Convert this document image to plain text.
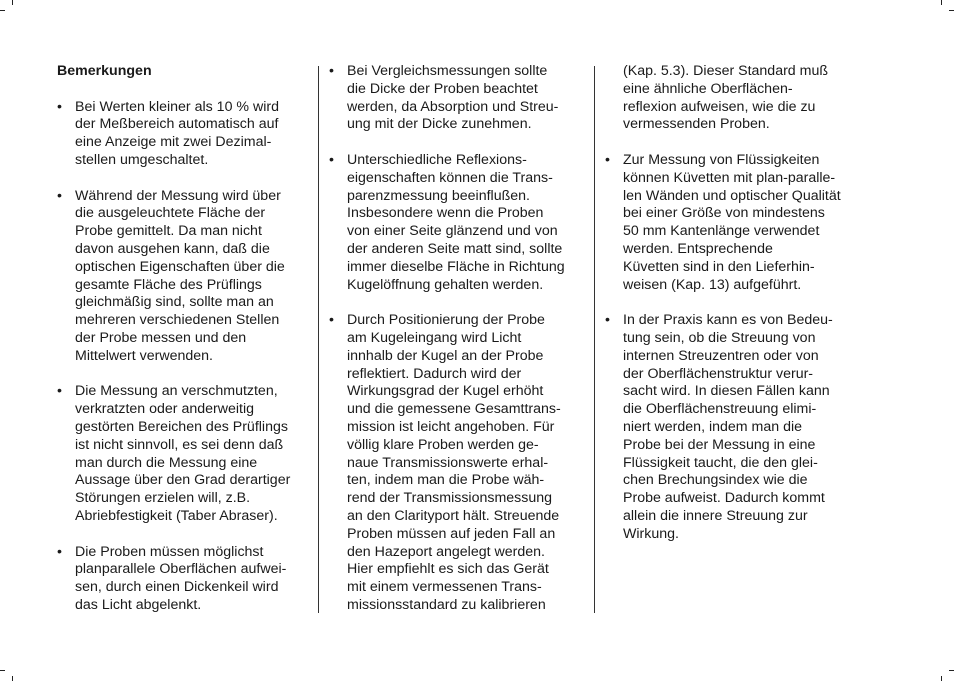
Bemerkungen
• Bei Werten kleiner als 10 % wird
der Meßbereich automatisch auf
eine Anzeige mit zwei Dezimal-
stellen umgeschaltet.
• Während der Messung wird über
die ausgeleuchtete Fläche der
Probe gemittelt. Da man nicht
davon ausgehen kann, daß die
optischen Eigenschaften über die
gesamte Fläche des Prüflings
gleichmäßig sind, sollte man an
mehreren verschiedenen Stellen
der Probe messen und den
Mittelwert verwenden.
• Die Messung an verschmutzten,
verkratzten oder anderweitig
gestörten Bereichen des Prüflings
ist nicht sinnvoll, es sei denn daß
man durch die Messung eine
Aussage über den Grad derartiger
Störungen erzielen will, z.B.
Abriebfestigkeit (Taber Abraser).
• Die Proben müssen möglichst
planparallele Oberflächen aufwei-
sen, durch einen Dickenkeil wird
das Licht abgelenkt.
• Bei Vergleichsmessungen sollte
die Dicke der Proben beachtet
werden, da Absorption und Streu-
ung mit der Dicke zunehmen.
• Unterschiedliche Reflexions-
eigenschaften können die Trans-
parenzmessung beeinflußen.
Insbesondere wenn die Proben
von einer Seite glänzend und von
der anderen Seite matt sind, sollte
immer dieselbe Fläche in Richtung
Kugelöffnung gehalten werden.
• Durch Positionierung der Probe
am Kugeleingang wird Licht
innhalb der Kugel an der Probe
reflektiert. Dadurch wird der
Wirkungsgrad der Kugel erhöht
und die gemessene Gesamttrans-
mission ist leicht angehoben. Für
völlig klare Proben werden ge-
naue Transmissionswerte erhal-
ten, indem man die Probe wäh-
rend der Transmissionsmessung
an den Clarityport hält. Streuende
Proben müssen auf jeden Fall an
den Hazeport angelegt werden.
Hier empfiehlt es sich das Gerät
mit einem vermessenen Trans-
missionsstandard zu kalibrieren
(Kap. 5.3). Dieser Standard muß
eine ähnliche Oberflächen-
reflexion aufweisen, wie die zu
vermessenden Proben.
• Zur Messung von Flüssigkeiten
können Küvetten mit plan-paralle-
len Wänden und optischer Qualität
bei einer Größe von mindestens
50 mm Kantenlänge verwendet
werden. Entsprechende
Küvetten sind in den Lieferhin-
weisen (Kap. 13) aufgeführt.
• In der Praxis kann es von Bedeu-
tung sein, ob die Streuung von
internen Streuzentren oder von
der Oberflächenstruktur verur-
sacht wird. In diesen Fällen kann
die Oberflächenstreuung elimi-
niert werden, indem man die
Probe bei der Messung in eine
Flüssigkeit taucht, die den glei-
chen Brechungsindex wie die
Probe aufweist. Dadurch kommt
allein die innere Streuung zur
Wirkung.
